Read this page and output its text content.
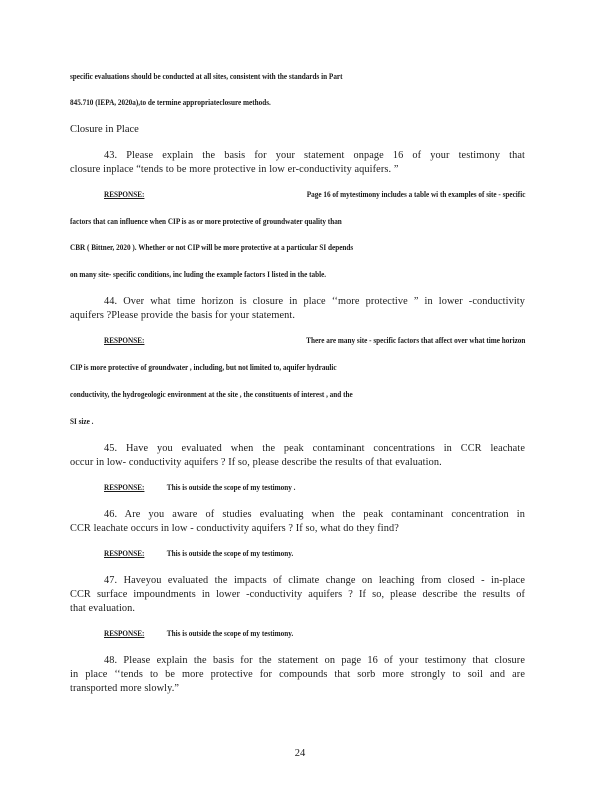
specific evaluations should be conducted at all sites, consistent with the standards in Part
845.710 (IEPA, 2020a),to de termine appropriateclosure methods.
Closure in Place
43. Please explain the basis for your statement onpage 16 of your testimony that
closure inplace “tends to be more protective in low er-conductivity aquifers. ”
RESPONSE:	Page 16 of mytestimony includes a table wi th examples of site - specific
factors that can influence when CIP is as or more protective of groundwater quality than
CBR ( Bittner, 2020 ). Whether or not CIP will be more protective at a particular SI depends
on many site- specific conditions, inc luding the example factors I listed in the table.
44. Over what time horizon is closure in place ‘‘more protective ” in lower -conductivity
aquifers ?Please provide the basis for your statement.
RESPONSE:	There are many site - specific factors that affect over what time horizon
CIP is more protective of groundwater , including, but not limited to, aquifer hydraulic
conductivity, the hydrogeologic environment at the site , the constituents of interest , and the
SI size .
45. Have you evaluated when the peak contaminant concentrations in CCR leachate
occur in low- conductivity aquifers ? If so, please describe the results of that evaluation.
RESPONSE:	This is outside the scope of my testimony .
46. Are you aware of studies evaluating when the peak contaminant concentration in
CCR leachate occurs in low - conductivity aquifers ? If so, what do they find?
RESPONSE:	This is outside the scope of my testimony.
47. Haveyou evaluated the impacts of climate change on leaching from closed - in-place
CCR surface impoundments in lower -conductivity aquifers ? If so, please describe the results of
that evaluation.
RESPONSE:	This is outside the scope of my testimony.
48. Please explain the basis for the statement on page 16 of your testimony that closure
in place ‘‘tends to be more protective for compounds that sorb more strongly to soil and are
transported more slowly.”
24
